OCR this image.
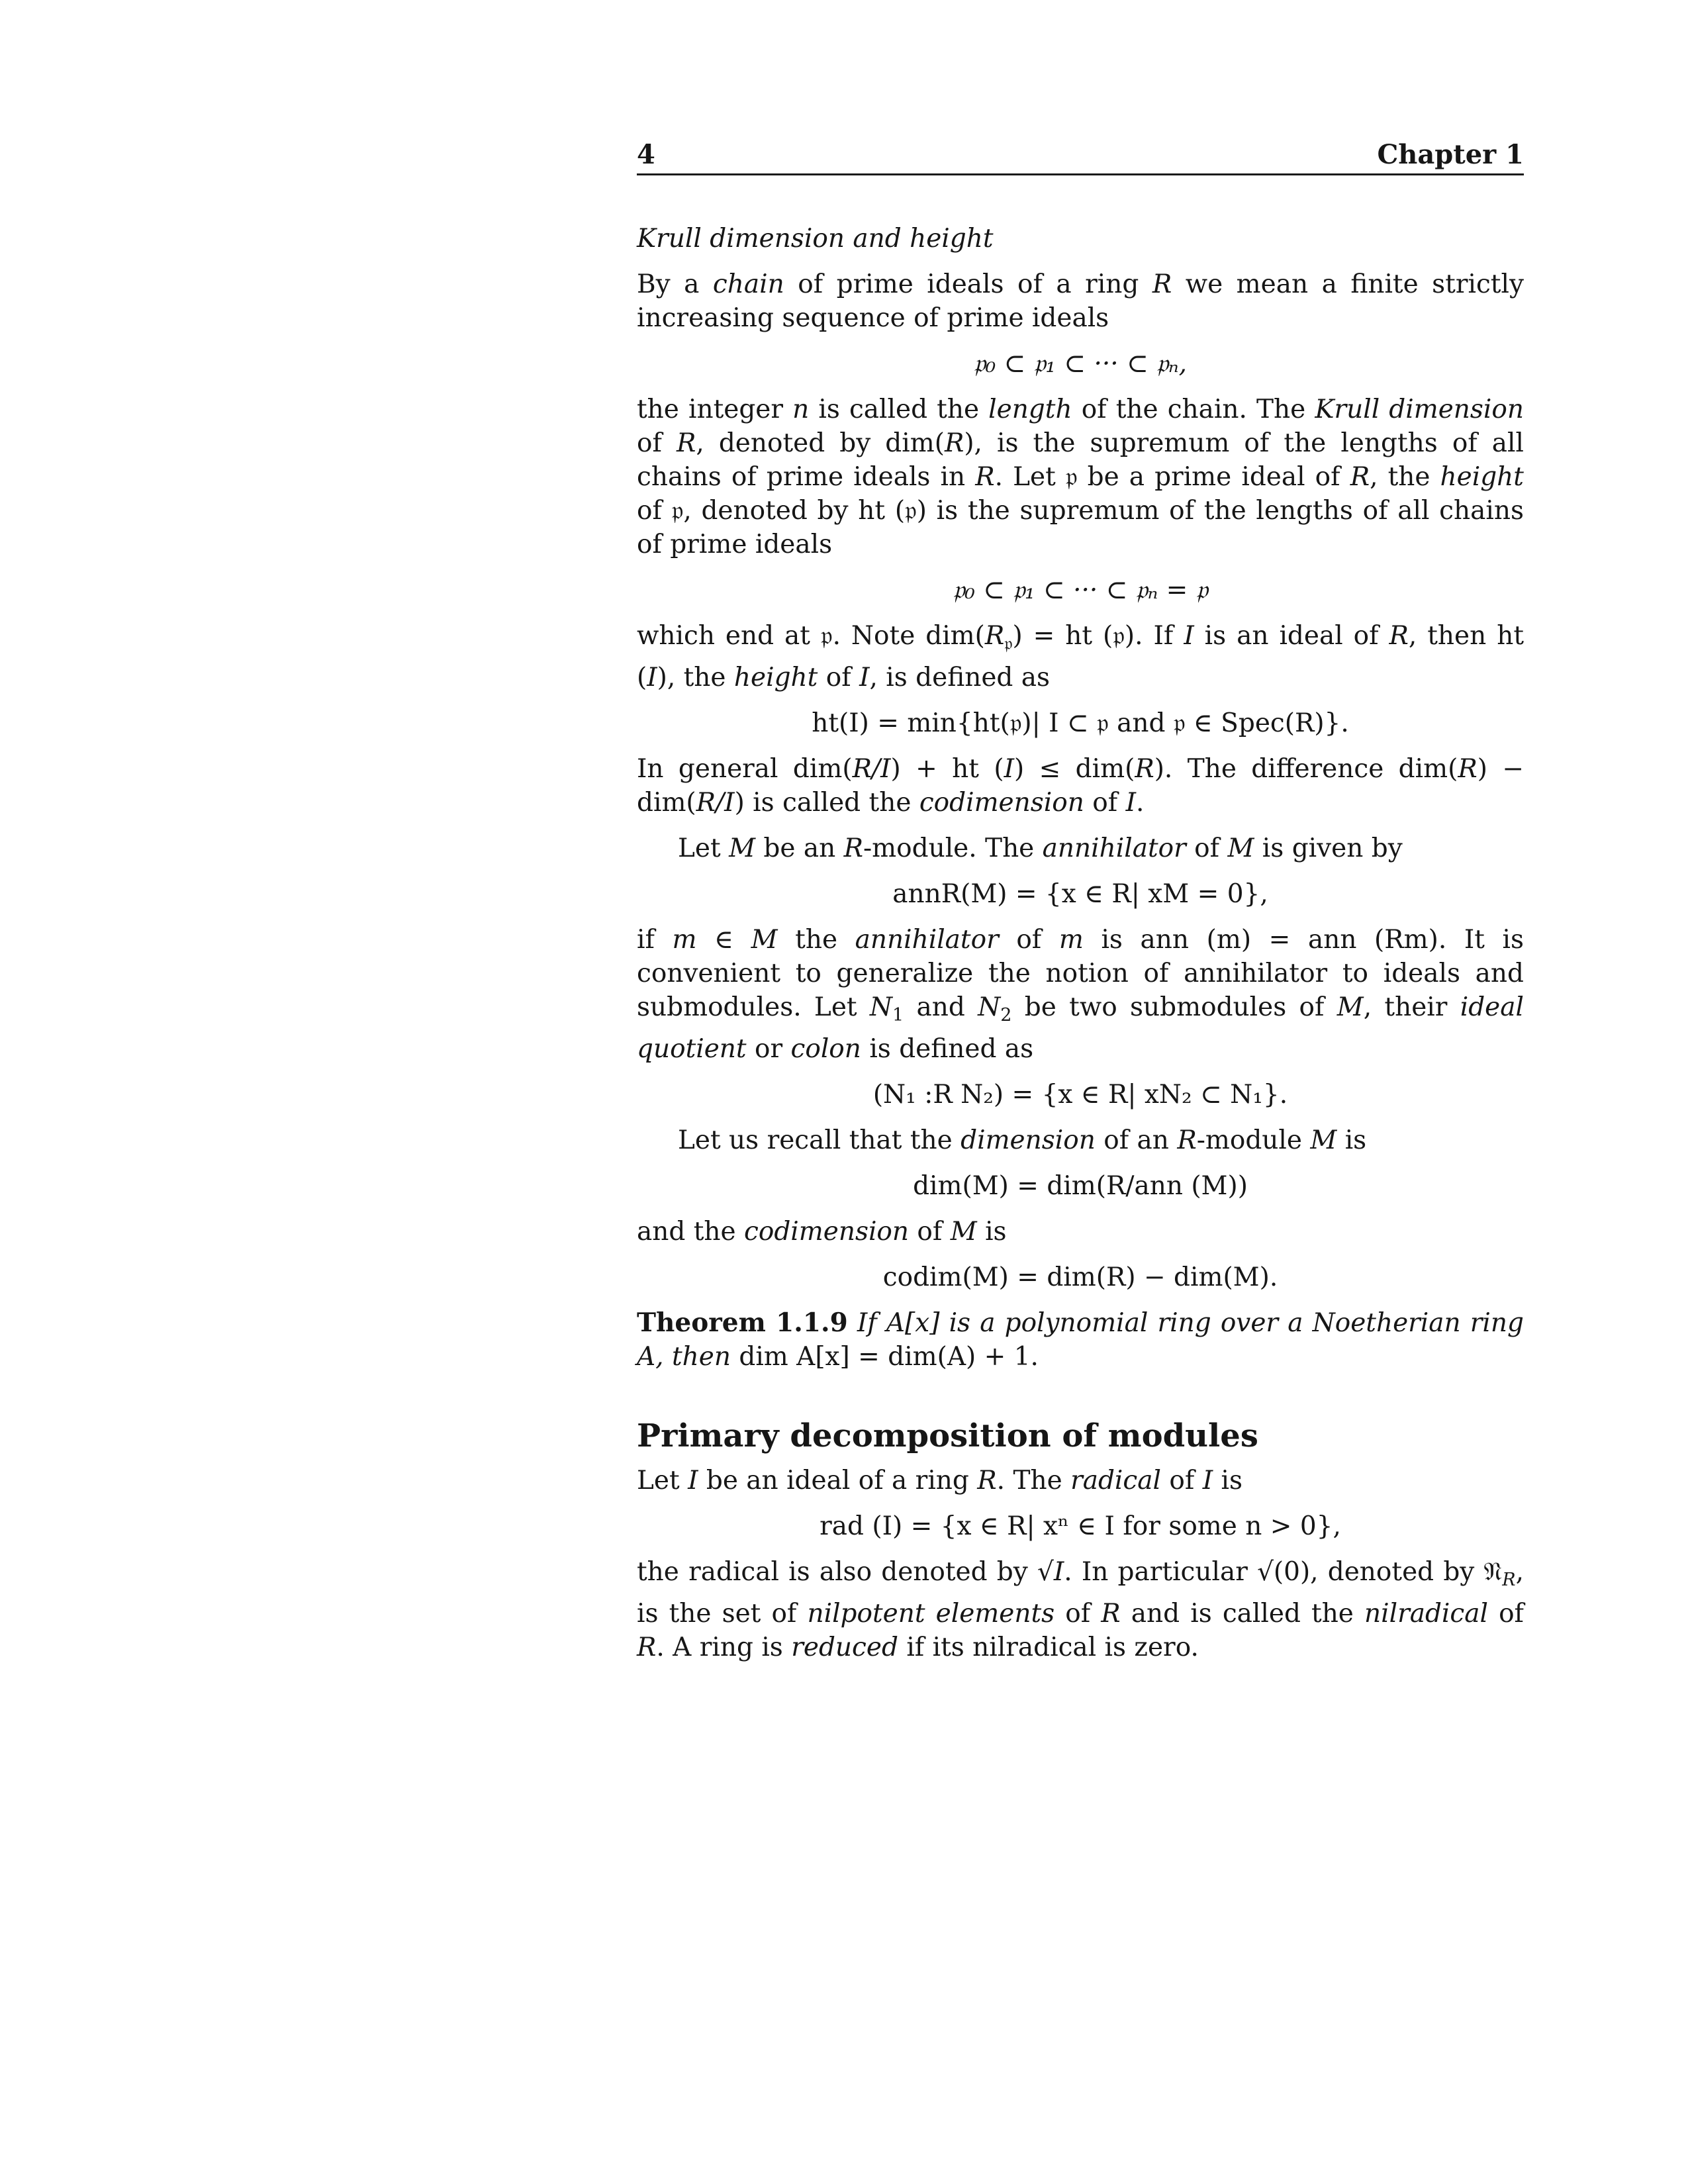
4	Chapter 1

Krull dimension and height

By a chain of prime ideals of a ring R we mean a finite strictly increasing sequence of prime ideals

𝔭₀ ⊂ 𝔭₁ ⊂ ··· ⊂ 𝔭ₙ,

the integer n is called the length of the chain. The Krull dimension of R, denoted by dim(R), is the supremum of the lengths of all chains of prime ideals in R. Let 𝔭 be a prime ideal of R, the height of 𝔭, denoted by ht (𝔭) is the supremum of the lengths of all chains of prime ideals

𝔭₀ ⊂ 𝔭₁ ⊂ ··· ⊂ 𝔭ₙ = 𝔭

which end at 𝔭. Note $dim(R_𝔭)$ = ht (𝔭). If I is an ideal of R, then ht (I), the height of I, is defined as

ht(I) = min{ht(𝔭)| I ⊂ 𝔭 and 𝔭 ∈ Spec(R)}.

In general dim(R/I) + ht (I) ≤ dim(R). The difference dim(R) − dim(R/I) is called the codimension of I.

Let M be an R-module. The annihilator of M is given by

annR(M) = {x ∈ R| xM = 0},

if m ∈ M the annihilator of m is ann (m) = ann (Rm). It is convenient to generalize the notion of annihilator to ideals and submodules. Let $N_1$ and $N_2$ be two submodules of M, their ideal quotient or colon is defined as

(N₁ :R N₂) = {x ∈ R| xN₂ ⊂ N₁}.

Let us recall that the dimension of an R-module M is

dim(M) = dim(R/ann (M))

and the codimension of M is

codim(M) = dim(R) − dim(M).

Theorem 1.1.9 If A[x] is a polynomial ring over a Noetherian ring A, then dim A[x] = dim(A) + 1.

Primary decomposition of modules

Let I be an ideal of a ring R. The radical of I is

rad (I) = {x ∈ R| xⁿ ∈ I for some n > 0},

the radical is also denoted by √I. In particular √(0), denoted by 𝔑$_R$, is the set of nilpotent elements of R and is called the nilradical of R. A ring is reduced if its nilradical is zero.
